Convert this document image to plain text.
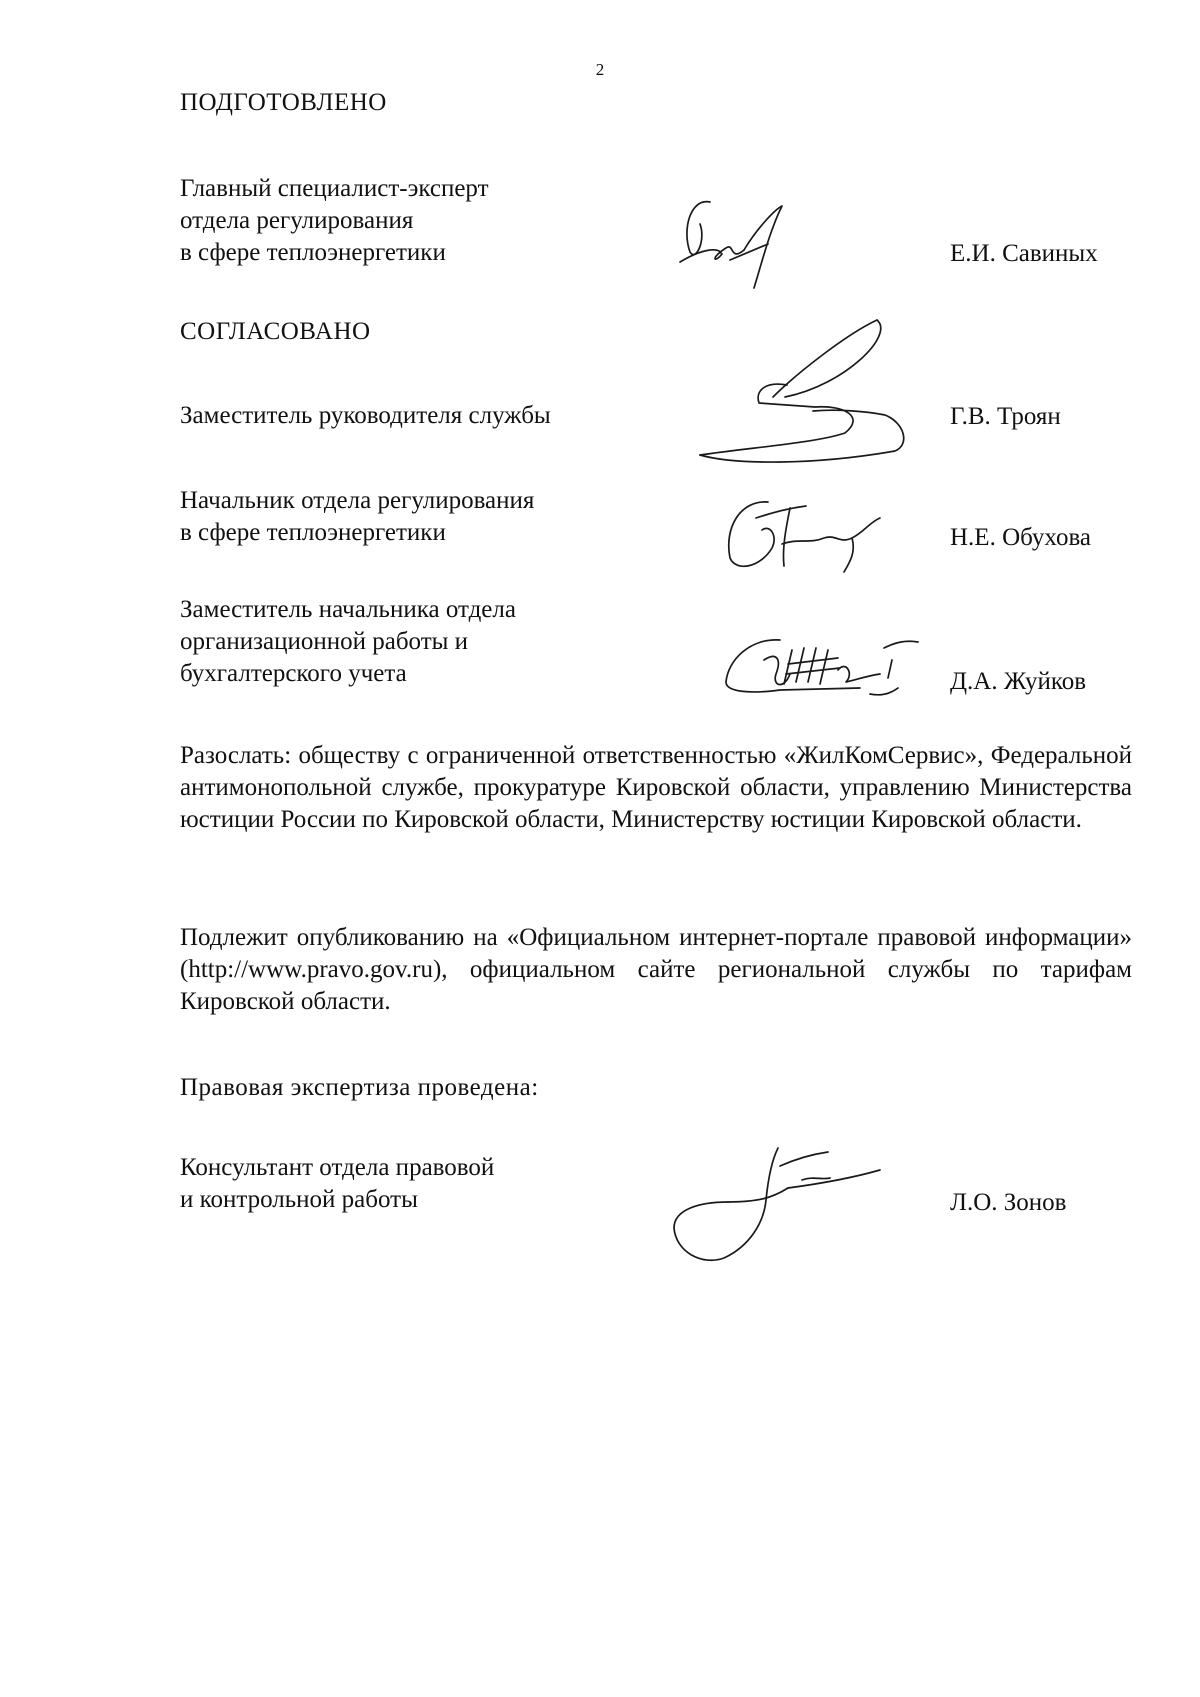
2
ПОДГОТОВЛЕНО
Главный специалист-эксперт
отдела регулирования
в сфере теплоэнергетики	Е.И. Савиных
СОГЛАСОВАНО
Заместитель руководителя службы	Г.В. Троян
Начальник отдела регулирования
в сфере теплоэнергетики	Н.Е. Обухова
Заместитель начальника отдела
организационной работы и
бухгалтерского учета	Д.А. Жуйков
Разослать: обществу с ограниченной ответственностью «ЖилКомСервис», Федеральной антимонопольной службе, прокуратуре Кировской области, управлению Министерства юстиции России по Кировской области, Министерству юстиции Кировской области.
Подлежит опубликованию на «Официальном интернет-портале правовой информации» (http://www.pravo.gov.ru), официальном сайте региональной службы по тарифам Кировской области.
Правовая экспертиза проведена:
Консультант отдела правовой
и контрольной работы	Л.О. Зонов
